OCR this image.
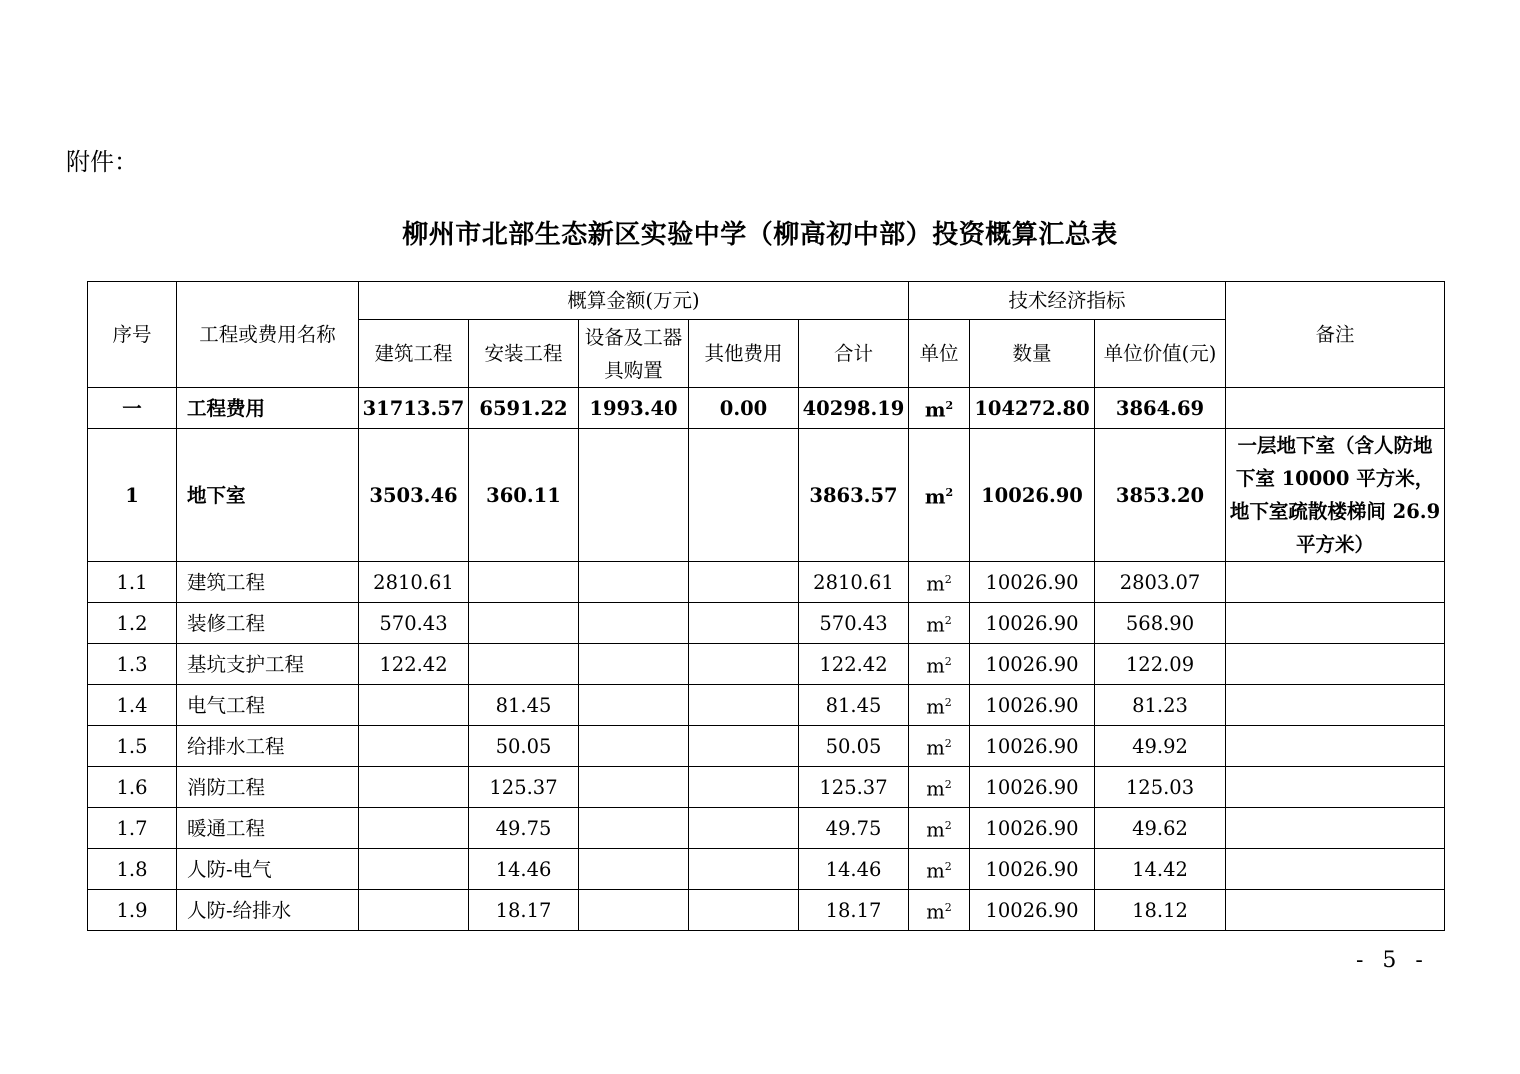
附件：
柳州市北部生态新区实验中学（柳高初中部）投资概算汇总表
序号	工程或费用名称	概算金额(万元)					技术经济指标			备注
		建筑工程	安装工程	设备及工器具购置	其他费用	合计	单位	数量	单位价值(元)	
一	工程费用	31713.57	6591.22	1993.40	0.00	40298.19	$m^2$	104272.80	3864.69	
1	地下室	3503.46	360.11			3863.57	$m^2$	10026.90	3853.20	一层地下室（含人防地下室 10000 平方米，地下室疏散楼梯间 26.9 平方米）
1.1	建筑工程	2810.61				2810.61	$m^2$	10026.90	2803.07	
1.2	装修工程	570.43				570.43	$m^2$	10026.90	568.90	
1.3	基坑支护工程	122.42				122.42	$m^2$	10026.90	122.09	
1.4	电气工程		81.45			81.45	$m^2$	10026.90	81.23	
1.5	给排水工程		50.05			50.05	$m^2$	10026.90	49.92	
1.6	消防工程		125.37			125.37	$m^2$	10026.90	125.03	
1.7	暖通工程		49.75			49.75	$m^2$	10026.90	49.62	
1.8	人防-电气		14.46			14.46	$m^2$	10026.90	14.42	
1.9	人防-给排水		18.17			18.17	$m^2$	10026.90	18.12	
- 5 -
